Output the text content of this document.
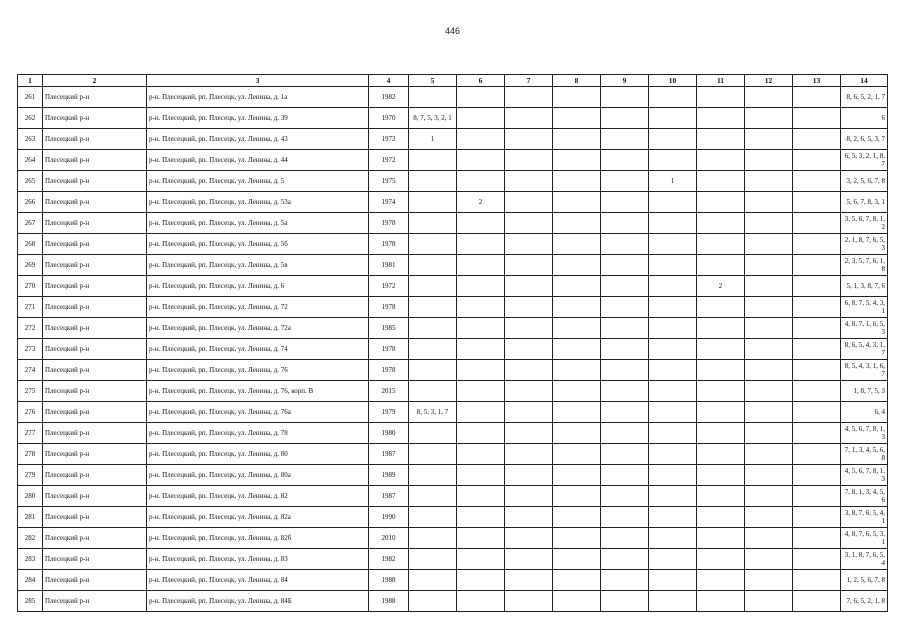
446
1	2	3	4	5	6	7	8	9	10	11	12	13	14
261	Плесецкий р-н	р-н. Плесецкий, рп. Плесецк, ул. Ленина, д. 1а	1982										8, 6, 5, 2, 1, 7
262	Плесецкий р-н	р-н. Плесецкий, рп. Плесецк, ул. Ленина, д. 39	1970	8, 7, 5, 3, 2, 1									6
263	Плесецкий р-н	р-н. Плесецкий, рп. Плесецк, ул. Ленина, д. 43	1972	1									8, 2, 6, 5, 3, 7
264	Плесецкий р-н	р-н. Плесецкий, рп. Плесецк, ул. Ленина, д. 44	1972										6, 5, 3, 2, 1, 8, 7
265	Плесецкий р-н	р-н. Плесецкий, рп. Плесецк, ул. Ленина, д. 5	1975						1				3, 2, 5, 6, 7, 8
266	Плесецкий р-н	р-н. Плесецкий, рп. Плесецк, ул. Ленина, д. 53а	1974		2								5, 6, 7, 8, 3, 1
267	Плесецкий р-н	р-н. Плесецкий, рп. Плесецк, ул. Ленина, д. 5а	1978										3, 5, 6, 7, 8, 1, 2
268	Плесецкий р-н	р-н. Плесецкий, рп. Плесецк, ул. Ленина, д. 5б	1978										2, 1, 8, 7, 6, 5, 3
269	Плесецкий р-н	р-н. Плесецкий, рп. Плесецк, ул. Ленина, д. 5в	1981										2, 3, 5, 7, 6, 1, 8
270	Плесецкий р-н	р-н. Плесецкий, рп. Плесецк, ул. Ленина, д. 6	1972							2			5, 1, 3, 8, 7, 6
271	Плесецкий р-н	р-н. Плесецкий, рп. Плесецк, ул. Ленина, д. 72	1978										6, 8, 7, 5, 4, 3, 1
272	Плесецкий р-н	р-н. Плесецкий, рп. Плесецк, ул. Ленина, д. 72а	1985										4, 8, 7, 1, 6, 5, 3
273	Плесецкий р-н	р-н. Плесецкий, рп. Плесецк, ул. Ленина, д. 74	1978										8, 6, 5, 4, 3, 1, 7
274	Плесецкий р-н	р-н. Плесецкий, рп. Плесецк, ул. Ленина, д. 76	1978										8, 5, 4, 3, 1, 6, 7
275	Плесецкий р-н	р-н. Плесецкий, рп. Плесецк, ул. Ленина, д. 76, корп. В	2015										1, 8, 7, 5, 3
276	Плесецкий р-н	р-н. Плесецкий, рп. Плесецк, ул. Ленина, д. 76а	1979	8, 5, 3, 1, 7									6, 4
277	Плесецкий р-н	р-н. Плесецкий, рп. Плесецк, ул. Ленина, д. 78	1980										4, 5, 6, 7, 8, 1, 3
278	Плесецкий р-н	р-н. Плесецкий, рп. Плесецк, ул. Ленина, д. 80	1987										7, 1, 3, 4, 5, 6, 8
279	Плесецкий р-н	р-н. Плесецкий, рп. Плесецк, ул. Ленина, д. 80а	1989										4, 5, 6, 7, 8, 1, 3
280	Плесецкий р-н	р-н. Плесецкий, рп. Плесецк, ул. Ленина, д. 82	1987										7, 8, 1, 3, 4, 5, 6
281	Плесецкий р-н	р-н. Плесецкий, рп. Плесецк, ул. Ленина, д. 82а	1990										3, 8, 7, 6, 5, 4, 1
282	Плесецкий р-н	р-н. Плесецкий, рп. Плесецк, ул. Ленина, д. 82б	2010										4, 8, 7, 6, 5, 3, 1
283	Плесецкий р-н	р-н. Плесецкий, рп. Плесецк, ул. Ленина, д. 83	1982										3, 1, 8, 7, 6, 5, 4
284	Плесецкий р-н	р-н. Плесецкий, рп. Плесецк, ул. Ленина, д. 84	1988										1, 2, 5, 6, 7, 8
285	Плесецкий р-н	р-н. Плесецкий, рп. Плесецк, ул. Ленина, д. 84Б	1988										7, 6, 5, 2, 1, 8
